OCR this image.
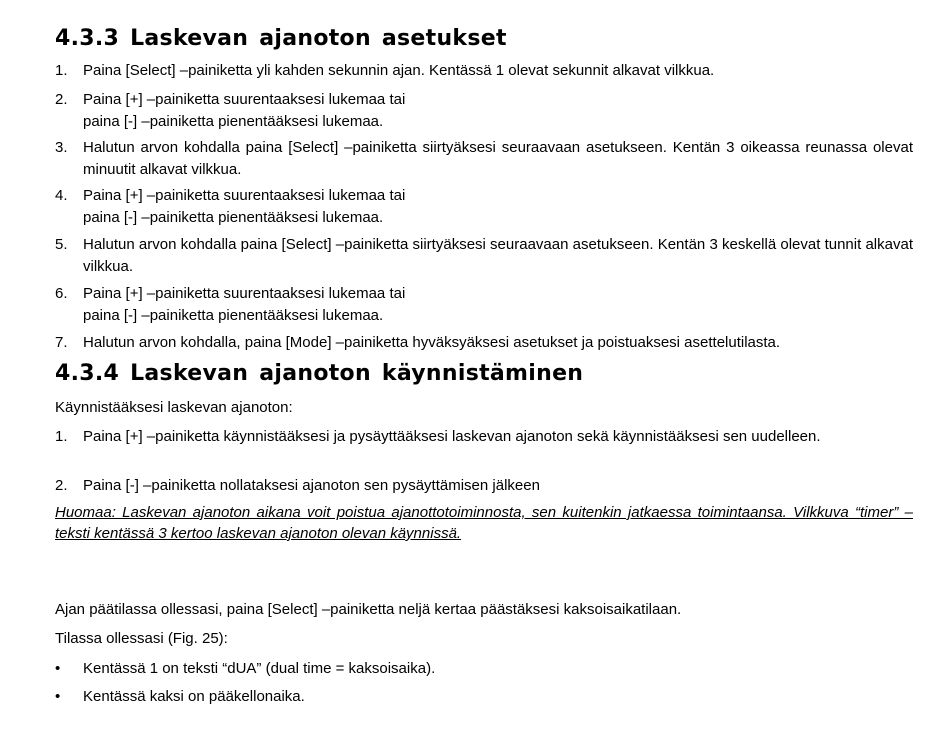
4.3.3 Laskevan ajanoton asetukset
1.	Paina [Select] –painiketta yli kahden sekunnin ajan. Kentässä 1 olevat sekunnit alkavat vilkkua.
2.	Paina [+] –painiketta suurentaaksesi lukemaa tai
paina [-] –painiketta pienentääksesi lukemaa.
3.	Halutun arvon kohdalla paina [Select] –painiketta siirtyäksesi seuraavaan asetukseen. Kentän 3 oikeassa reunassa olevat minuutit alkavat vilkkua.
4.	Paina [+] –painiketta suurentaaksesi lukemaa tai
paina [-] –painiketta pienentääksesi lukemaa.
5.	Halutun arvon kohdalla paina [Select] –painiketta siirtyäksesi seuraavaan asetukseen. Kentän 3 keskellä olevat tunnit alkavat vilkkua.
6.	Paina [+] –painiketta suurentaaksesi lukemaa tai
paina [-] –painiketta pienentääksesi lukemaa.
7.	Halutun arvon kohdalla, paina [Mode] –painiketta hyväksyäksesi asetukset ja poistuaksesi asettelutilasta.
4.3.4 Laskevan ajanoton käynnistäminen

Käynnistääksesi laskevan ajanoton:

1.	Paina [+] –painiketta käynnistääksesi ja pysäyttääksesi laskevan ajanoton sekä käynnistääksesi sen uudelleen.
2.	Paina [-] –painiketta nollataksesi ajanoton sen pysäyttämisen jälkeen

Huomaa: Laskevan ajanoton aikana voit poistua ajanottotoiminnosta, sen kuitenkin jatkaessa toimintaansa. Vilkkuva “timer” –teksti kentässä 3 kertoo laskevan ajanoton olevan käynnissä.

Ajan päätilassa ollessasi, paina [Select] –painiketta neljä kertaa päästäksesi kaksoisaikatilaan.

Tilassa ollessasi (Fig. 25):

•	Kentässä 1 on teksti “dUA” (dual time = kaksoisaika).
•	Kentässä kaksi on pääkellonaika.
